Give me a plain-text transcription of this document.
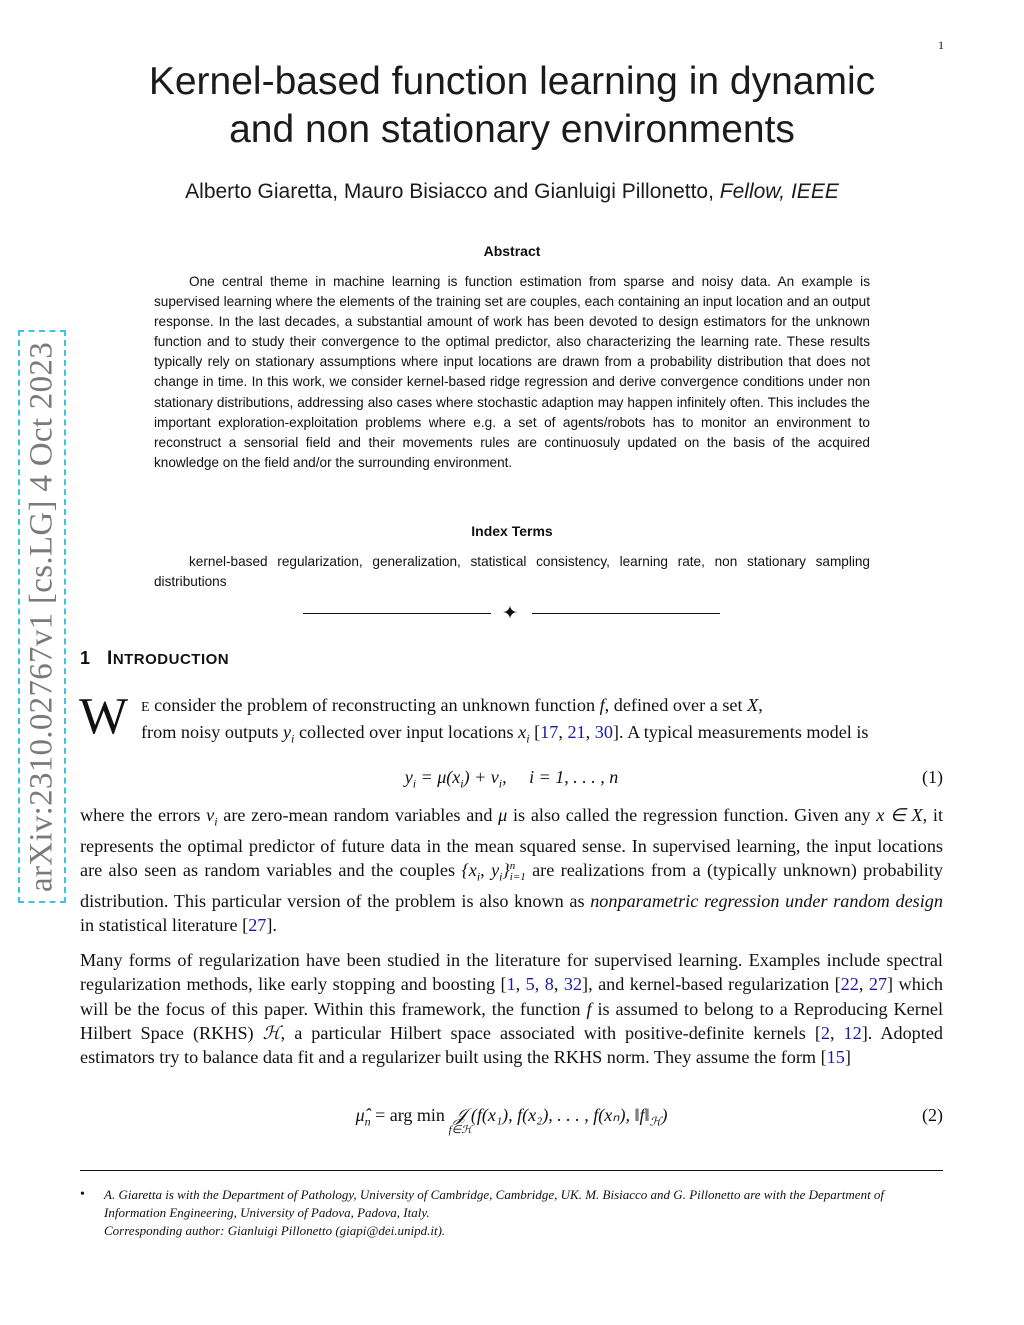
1
Kernel-based function learning in dynamic
and non stationary environments
Alberto Giaretta, Mauro Bisiacco and Gianluigi Pillonetto, Fellow, IEEE
Abstract
One central theme in machine learning is function estimation from sparse and noisy data. An example is supervised learning where the elements of the training set are couples, each containing an input location and an output response. In the last decades, a substantial amount of work has been devoted to design estimators for the unknown function and to study their convergence to the optimal predictor, also characterizing the learning rate. These results typically rely on stationary assumptions where input locations are drawn from a probability distribution that does not change in time. In this work, we consider kernel-based ridge regression and derive convergence conditions under non stationary distributions, addressing also cases where stochastic adaption may happen infinitely often. This includes the important exploration-exploitation problems where e.g. a set of agents/robots has to monitor an environment to reconstruct a sensorial field and their movements rules are continuosuly updated on the basis of the acquired knowledge on the field and/or the surrounding environment.
Index Terms
kernel-based regularization, generalization, statistical consistency, learning rate, non stationary sampling distributions
✦
1 INTRODUCTION
W E consider the problem of reconstructing an unknown function f, defined over a set X,
from noisy outputs $y_i$ collected over input locations $x_i$ [17, 21, 30]. A typical measurements model is
$y_i = \mu(x_i) + \nu_i$,     i = 1, . . . , n	(1)
where the errors $\nu_i$ are zero-mean random variables and μ is also called the regression function. Given any x ∈ X, it represents the optimal predictor of future data in the mean squared sense. In supervised learning, the input locations are also seen as random variables and the couples {$x_i$, $y_i$} n
i=1 are realizations from a (typically unknown) probability distribution. This particular version of the problem is also known as nonparametric regression under random design in statistical literature [27].
Many forms of regularization have been studied in the literature for supervised learning. Examples include spectral regularization methods, like early stopping and boosting [1, 5, 8, 32], and kernel-based regularization [22, 27] which will be the focus of this paper. Within this framework, the function f is assumed to belong to a Reproducing Kernel Hilbert Space (RKHS) ℋ, a particular Hilbert space associated with positive-definite kernels [2, 12]. Adopted estimators try to balance data fit and a regularizer built using the RKHS norm. They assume the form [15]
$\mû_n$ = arg min
f∈ℋ
𝒥 (f(x₁), f(x₂), . . . , f(xₙ), $‖f‖_ℋ$)	(2)
• A. Giaretta is with the Department of Pathology, University of Cambridge, Cambridge, UK. M. Bisiacco and G. Pillonetto are with the Department of Information Engineering, University of Padova, Padova, Italy.
Corresponding author: Gianluigi Pillonetto (giapi@dei.unipd.it).
arXiv:2310.02767v1 [cs.LG] 4 Oct 2023
